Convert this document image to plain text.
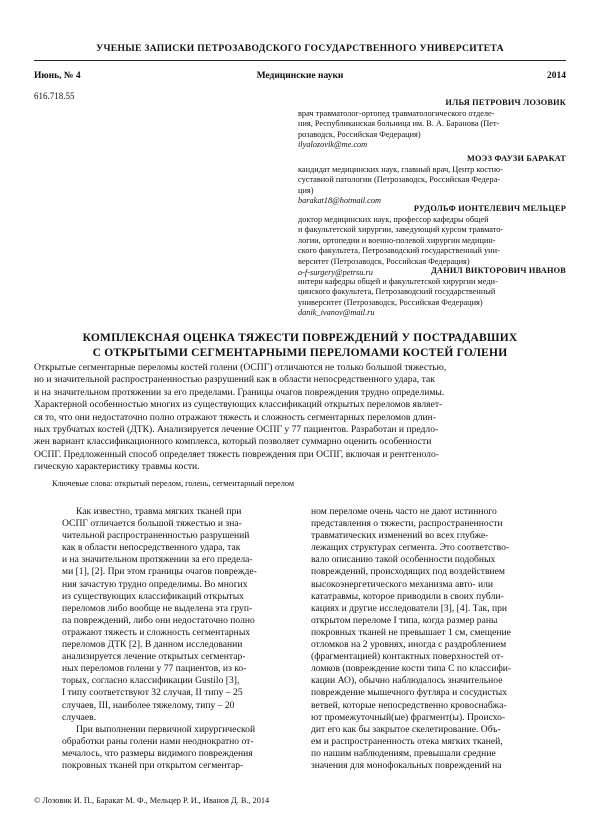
УЧЕНЫЕ ЗАПИСКИ ПЕТРОЗАВОДСКОГО ГОСУДАРСТВЕННОГО УНИВЕРСИТЕТА
Июнь, № 4	Медицинские науки	2014
616.718.55
ИЛЬЯ ПЕТРОВИЧ ЛОЗОВИК
врач травматолог-ортопед травматологического отделе-
ния, Республиканская больница им. В. А. Баранова (Пет-
розаводск, Российская Федерация)
ilyalozovik@me.com
МОЭЗ ФАУЗИ БАРАКАТ
кандидат медицинских наук, главный врач, Центр костно-
суставной патологии (Петрозаводск, Российская Федера-
ция)
barakat18@hotmail.com
РУДОЛЬФ ИОНТЕЛЕВИЧ МЕЛЬЦЕР
доктор медицинских наук, профессор кафедры общей
и факультетской хирургии, заведующий курсом травмато-
логии, ортопедии и военно-полевой хирургии медицин-
ского факультета, Петрозаводский государственный уни-
верситет (Петрозаводск, Российская Федерация)
o-f-surgery@petrsu.ru	ДАНИЛ ВИКТОРОВИЧ ИВАНОВ
интерн кафедры общей и факультетской хирургии меди-
цинского факультета, Петрозаводский государственный
университет (Петрозаводск, Российская Федерация)
danik_ivanov@mail.ru
КОМПЛЕКСНАЯ ОЦЕНКА ТЯЖЕСТИ ПОВРЕЖДЕНИЙ У ПОСТРАДАВШИХ
С ОТКРЫТЫМИ СЕГМЕНТАРНЫМИ ПЕРЕЛОМАМИ КОСТЕЙ ГОЛЕНИ
Открытые сегментарные переломы костей голени (ОСПГ) отличаются не только большой тяжестью,
но и значительной распространенностью разрушений как в области непосредственного удара, так
и на значительном протяжении за его пределами. Границы очагов повреждения трудно определимы.
Характерной особенностью многих из существующих классификаций открытых переломов являет-
ся то, что они недостаточно полно отражают тяжесть и сложность сегментарных переломов длин-
ных трубчатых костей (ДТК). Анализируется лечение ОСПГ у 77 пациентов. Разработан и предло-
жен вариант классификационного комплекса, который позволяет суммарно оценить особенности
ОСПГ. Предложенный способ определяет тяжесть повреждения при ОСПГ, включая и рентгеноло-
гическую характеристику травмы кости.
Ключевые слова: открытый перелом, голень, сегментарный перелом
Как известно, травма мягких тканей при
ОСПГ отличается большой тяжестью и зна-
чительной распространенностью разрушений
как в области непосредственного удара, так
и на значительном протяжении за его предела-
ми [1], [2]. При этом границы очагов поврежде-
ния зачастую трудно определимы. Во многих
из существующих классификаций открытых
переломов либо вообще не выделена эта груп-
па повреждений, либо они недостаточно полно
отражают тяжесть и сложность сегментарных
переломов ДТК [2]. В данном исследовании
анализируется лечение открытых сегментар-
ных переломов голени у 77 пациентов, из ко-
торых, согласно классификации Gustilo [3],
I типу соответствуют 32 случая, II типу – 25
случаев, III, наиболее тяжелому, типу – 20
случаев.
При выполнении первичной хирургической
обработки раны голени нами неоднократно от-
мечалось, что размеры видимого повреждения
покровных тканей при открытом сегментар-
ном переломе очень часто не дают истинного
представления о тяжести, распространенности
травматических изменений во всех глубже-
лежащих структурах сегмента. Это соответство-
вало описанию такой особенности подобных
повреждений, происходящих под воздействием
высокоэнергетического механизма авто- или
кататравмы, которое приводили в своих публи-
кациях и другие исследователи [3], [4]. Так, при
открытом переломе I типа, когда размер раны
покровных тканей не превышает 1 см, смещение
отломков на 2 уровнях, иногда с раздроблением
(фрагментацией) контактных поверхностей от-
ломков (повреждение кости типа С по классифи-
кации АО), обычно наблюдалось значительное
повреждение мышечного футляра и сосудистых
ветвей, которые непосредственно кровоснабжа-
ют промежуточный(ые) фрагмент(ы). Происхо-
дит его как бы закрытое скелетирование. Объ-
ем и распространенность отека мягких тканей,
по нашим наблюдениям, превышали средние
значения для монофокальных повреждений на
© Лозовик И. П., Баракат М. Ф., Мельцер Р. И., Иванов Д. В., 2014
